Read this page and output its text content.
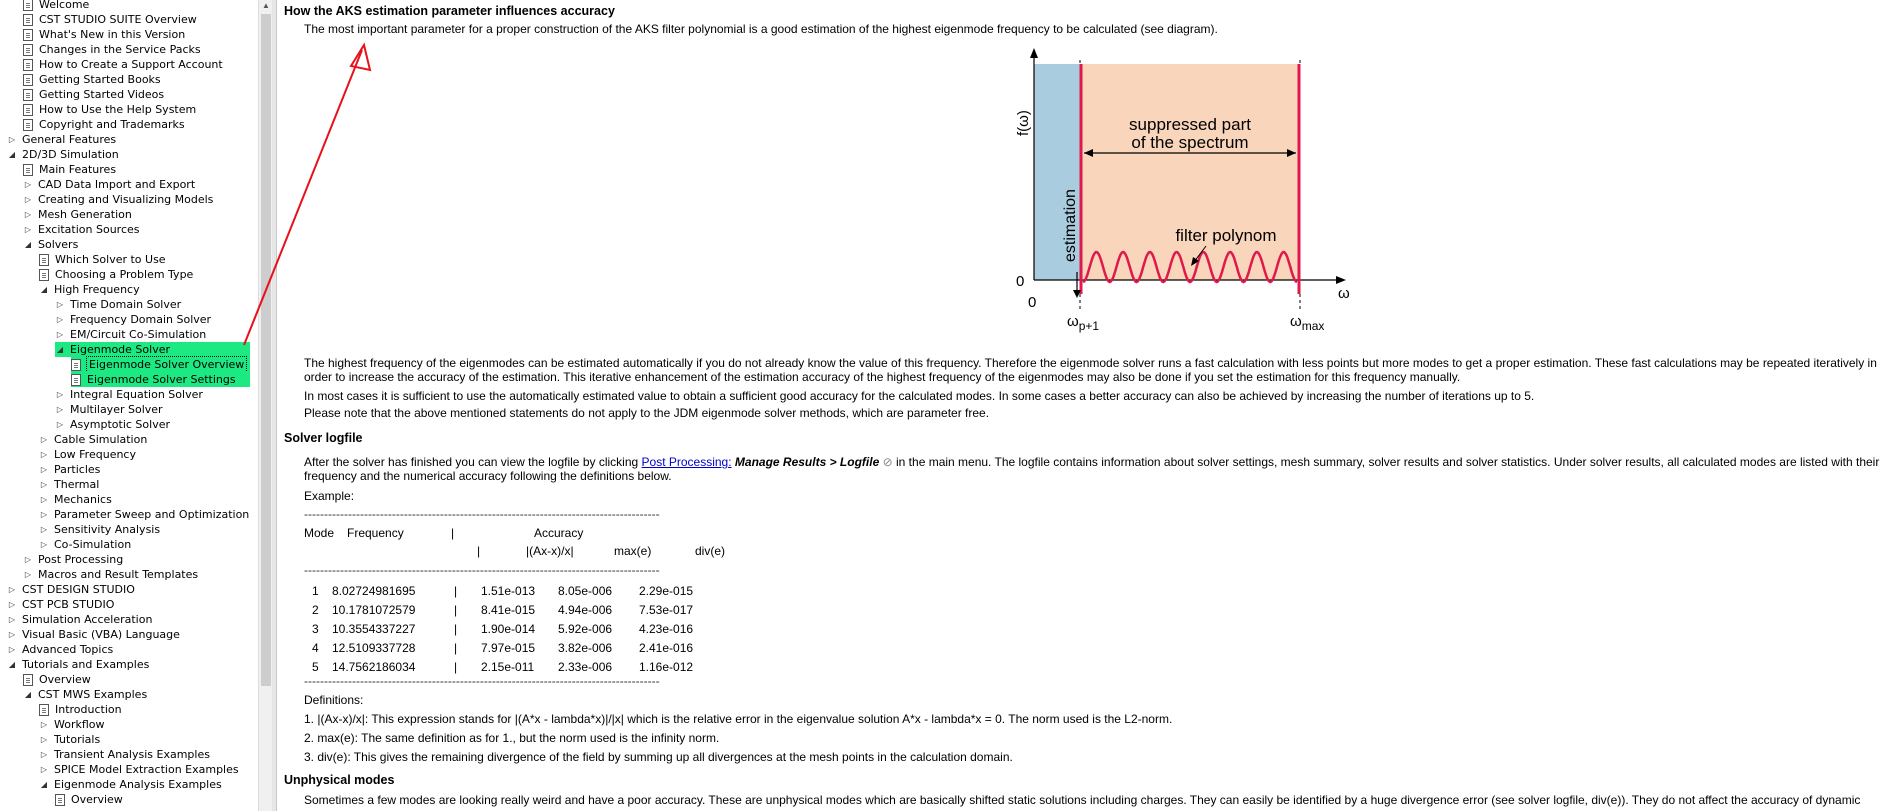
Welcome
CST STUDIO SUITE Overview
What's New in this Version
Changes in the Service Packs
How to Create a Support Account
Getting Started Books
Getting Started Videos
How to Use the Help System
Copyright and Trademarks
▷ General Features
◢ 2D/3D Simulation
Main Features
▷ CAD Data Import and Export
▷ Creating and Visualizing Models
▷ Mesh Generation
▷ Excitation Sources
◢ Solvers
Which Solver to Use
Choosing a Problem Type
◢ High Frequency
▷ Time Domain Solver
▷ Frequency Domain Solver
▷ EM/Circuit Co-Simulation
◢ Eigenmode Solver
Eigenmode Solver Overview
Eigenmode Solver Settings
▷ Integral Equation Solver
▷ Multilayer Solver
▷ Asymptotic Solver
▷ Cable Simulation
▷ Low Frequency
▷ Particles
▷ Thermal
▷ Mechanics
▷ Parameter Sweep and Optimization
▷ Sensitivity Analysis
▷ Co-Simulation
▷ Post Processing
▷ Macros and Result Templates
▷ CST DESIGN STUDIO
▷ CST PCB STUDIO
▷ Simulation Acceleration
▷ Visual Basic (VBA) Language
▷ Advanced Topics
◢ Tutorials and Examples
Overview
◢ CST MWS Examples
Introduction
▷ Workflow
▷ Tutorials
▷ Transient Analysis Examples
▷ SPICE Model Extraction Examples
◢ Eigenmode Analysis Examples
Overview
▲ How the AKS estimation parameter influences accuracy
The most important parameter for a proper construction of the AKS filter polynomial is a good estimation of the highest eigenmode frequency to be calculated (see diagram).
suppressed part
of the spectrum
filter polynom
estimation
f(ω)
ω
0
0
$\omega_{p+1}$	$\omega_{max}$
The highest frequency of the eigenmodes can be estimated automatically if you do not already know the value of this frequency. Therefore the eigenmode solver runs a fast calculation with less points but more modes to get a proper estimation. These fast calculations may be repeated iteratively in order to increase the accuracy of the estimation. This iterative enhancement of the estimation accuracy of the highest frequency of the eigenmodes may also be done if you set the estimation for this frequency manually.
In most cases it is sufficient to use the automatically estimated value to obtain a sufficient good accuracy for the calculated modes. In some cases a better accuracy can also be achieved by increasing the number of iterations up to 5.
Please note that the above mentioned statements do not apply to the JDM eigenmode solver methods, which are parameter free.
Solver logfile
After the solver has finished you can view the logfile by clicking Post Processing: Manage Results > Logfile ⊘ in the main menu. The logfile contains information about solver settings, mesh summary, solver results and solver statistics. Under solver results, all calculated modes are listed with their frequency and the numerical accuracy following the definitions below.
Example:
-----------------------------------------------------------------------------------------
Mode Frequency	|	Accuracy
|	|(Ax-x)/x|	max(e)	div(e)
-----------------------------------------------------------------------------------------
1 8.02724981695	| 1.51e-013 8.05e-006 2.29e-015
2 10.1781072579	| 8.41e-015 4.94e-006 7.53e-017
3 10.3554337227	| 1.90e-014 5.92e-006 4.23e-016
4 12.5109337728	| 7.97e-015 3.82e-006 2.41e-016
5 14.7562186034	| 2.15e-011 2.33e-006 1.16e-012
-----------------------------------------------------------------------------------------
Definitions:
1. |(Ax-x)/x|: This expression stands for |(A*x - lambda*x)|/|x| which is the relative error in the eigenvalue solution A*x - lambda*x = 0. The norm used is the L2-norm.
2. max(e): The same definition as for 1., but the norm used is the infinity norm.
3. div(e): This gives the remaining divergence of the field by summing up all divergences at the mesh points in the calculation domain.
Unphysical modes
Sometimes a few modes are looking really weird and have a poor accuracy. These are unphysical modes which are basically shifted static solutions including charges. They can easily be identified by a huge divergence error (see solver logfile, div(e)). They do not affect the accuracy of dynamic
